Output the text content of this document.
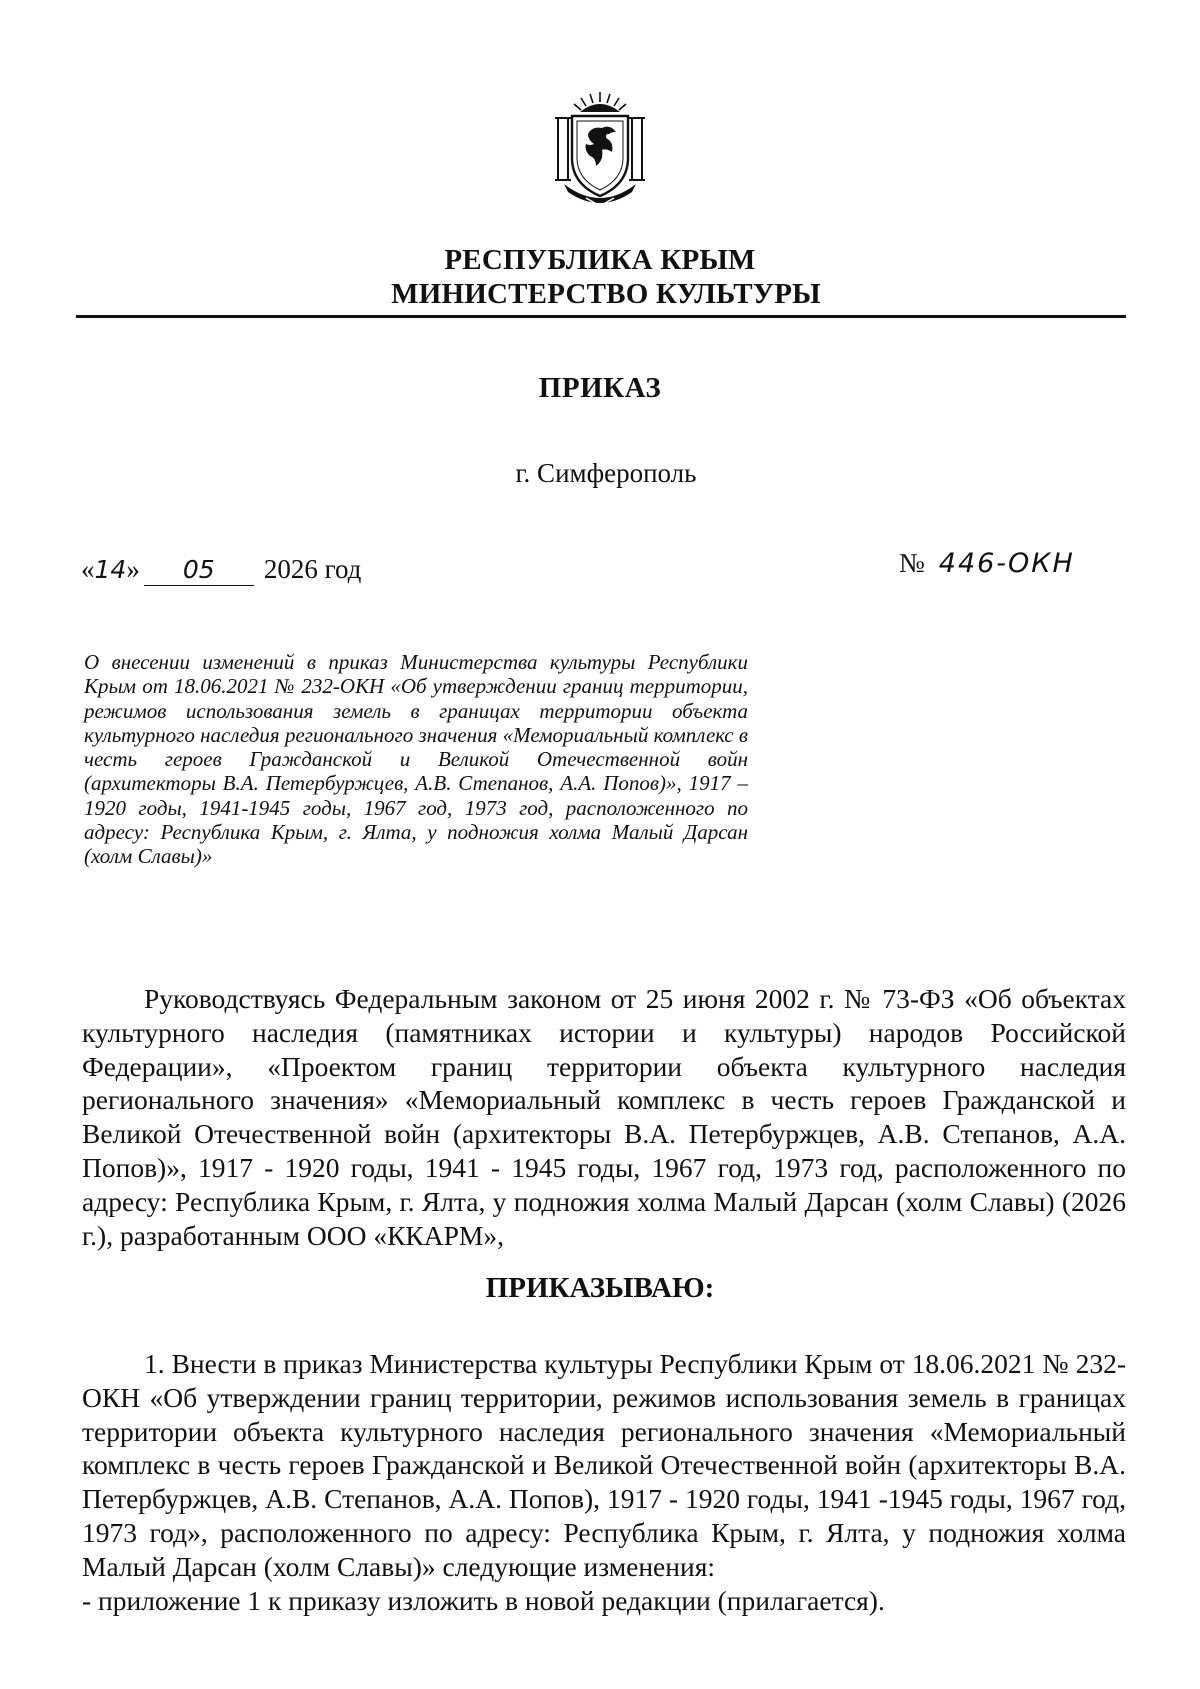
РЕСПУБЛИКА КРЫМ
МИНИСТЕРСТВО КУЛЬТУРЫ
ПРИКАЗ
г. Симферополь
«14» 05 2026 год	№ 446-ОКН
О внесении изменений в приказ Министерства культуры Республики Крым от 18.06.2021 № 232-ОКН «Об утверждении границ территории, режимов использования земель в границах территории объекта культурного наследия регионального значения «Мемориальный комплекс в честь героев Гражданской и Великой Отечественной войн (архитекторы В.А. Петербуржцев, А.В. Степанов, А.А. Попов)», 1917 – 1920 годы, 1941-1945 годы, 1967 год, 1973 год, расположенного по адресу: Республика Крым, г. Ялта, у подножия холма Малый Дарсан (холм Славы)»
Руководствуясь Федеральным законом от 25 июня 2002 г. № 73-ФЗ «Об объектах культурного наследия (памятниках истории и культуры) народов Российской Федерации», «Проектом границ территории объекта культурного наследия регионального значения» «Мемориальный комплекс в честь героев Гражданской и Великой Отечественной войн (архитекторы В.А. Петербуржцев, А.В. Степанов, А.А. Попов)», 1917 - 1920 годы, 1941 - 1945 годы, 1967 год, 1973 год, расположенного по адресу: Республика Крым, г. Ялта, у подножия холма Малый Дарсан (холм Славы) (2026 г.), разработанным ООО «ККАРМ»,
ПРИКАЗЫВАЮ:
1. Внести в приказ Министерства культуры Республики Крым от 18.06.2021 № 232-ОКН «Об утверждении границ территории, режимов использования земель в границах территории объекта культурного наследия регионального значения «Мемориальный комплекс в честь героев Гражданской и Великой Отечественной войн (архитекторы В.А. Петербуржцев, А.В. Степанов, А.А. Попов), 1917 - 1920 годы, 1941 -1945 годы, 1967 год, 1973 год», расположенного по адресу: Республика Крым, г. Ялта, у подножия холма Малый Дарсан (холм Славы)» следующие изменения:
- приложение 1 к приказу изложить в новой редакции (прилагается).
